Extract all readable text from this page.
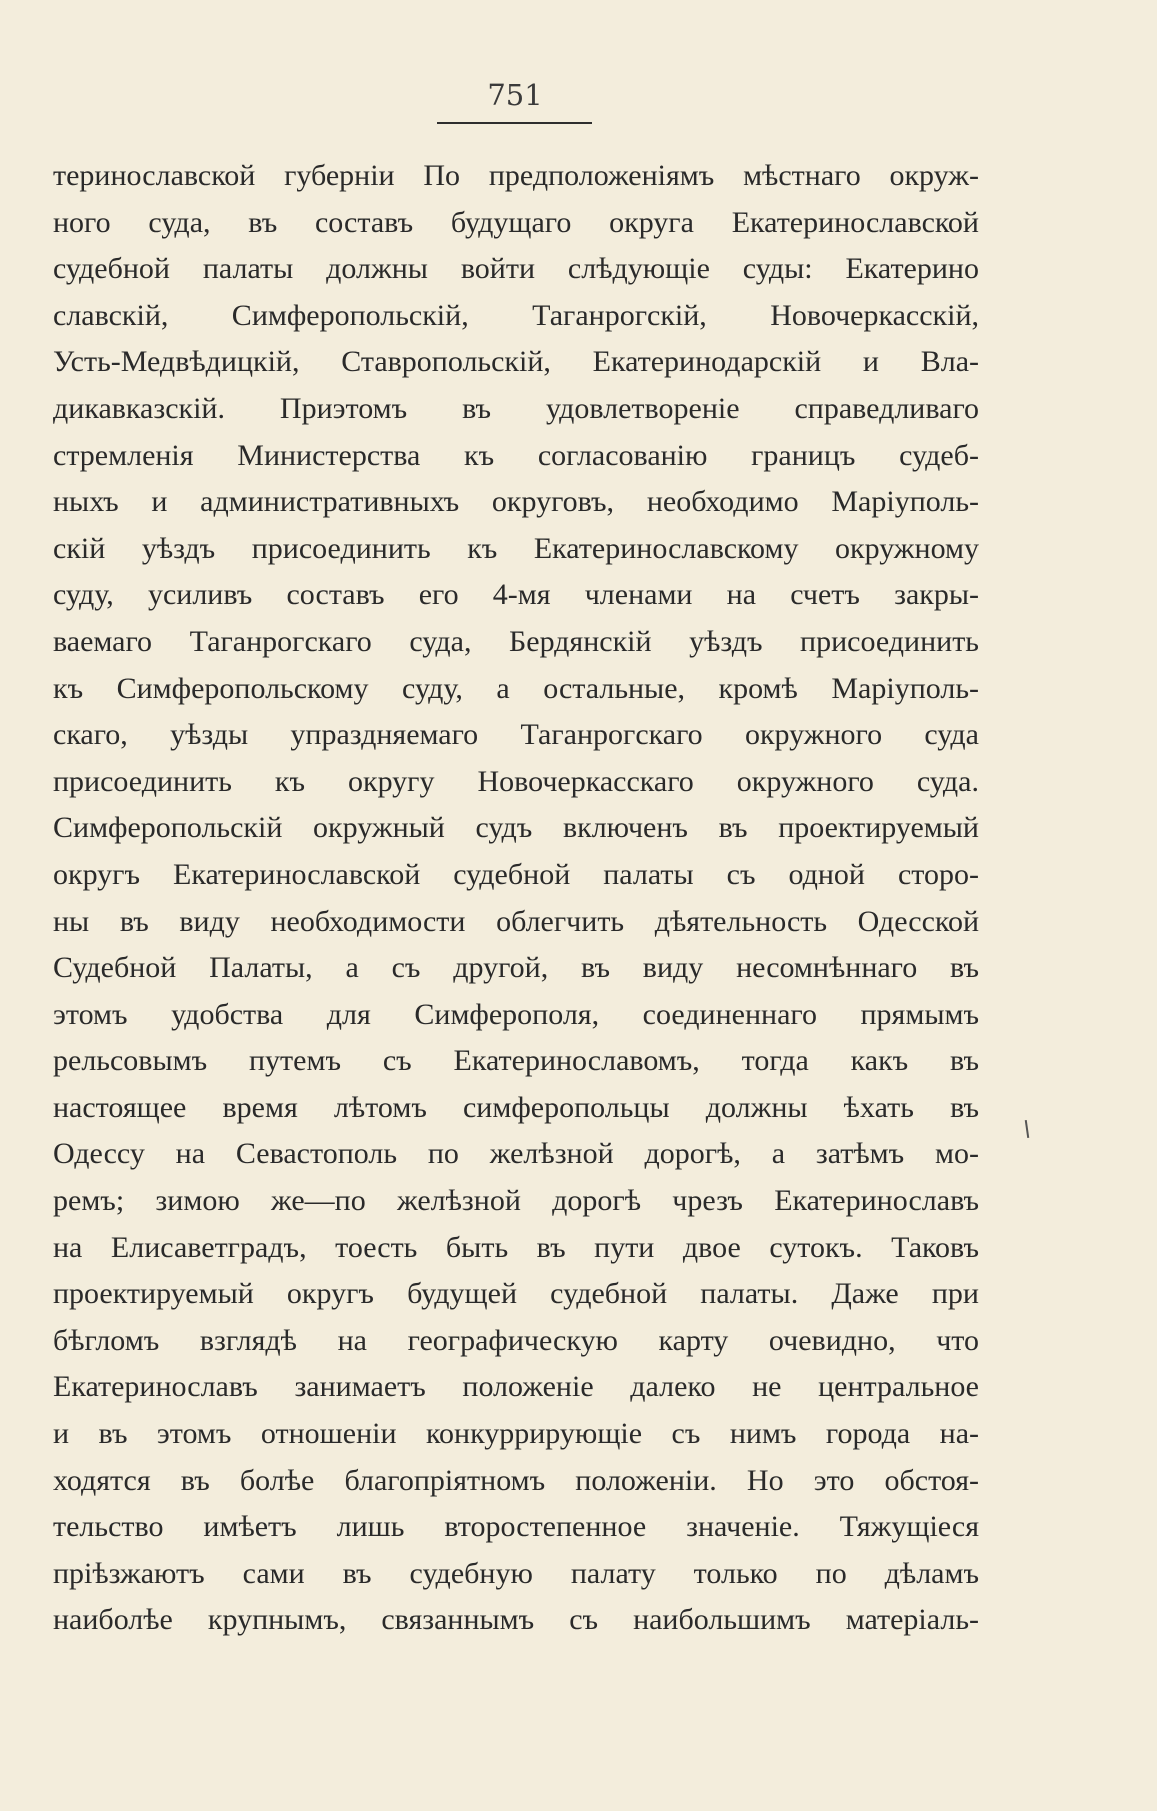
751
теринославской губерніи По предположеніямъ мѣстнаго окруж-
ного суда, въ составъ будущаго округа Екатеринославской
судебной палаты должны войти слѣдующіе суды: Екатерино
славскій, Симферопольскій, Таганрогскій, Новочеркасскій,
Усть-Медвѣдицкій, Ставропольскій, Екатеринодарскій и Вла-
дикавказскій. Приэтомъ въ удовлетвореніе справедливаго
стремленія Министерства къ согласованію границъ судеб-
ныхъ и административныхъ округовъ, необходимо Маріуполь-
скій уѣздъ присоединить къ Екатеринославскому окружному
суду, усиливъ составъ его 4-мя членами на счетъ закры-
ваемаго Таганрогскаго суда, Бердянскій уѣздъ присоединить
къ Симферопольскому суду, а остальные, кромѣ Маріуполь-
скаго, уѣзды упраздняемаго Таганрогскаго окружного суда
присоединить къ округу Новочеркасскаго окружного суда.
Симферопольскій окружный судъ включенъ въ проектируемый
округъ Екатеринославской судебной палаты съ одной сторо-
ны въ виду необходимости облегчить дѣятельность Одесской
Судебной Палаты, а съ другой, въ виду несомнѣннаго въ
этомъ удобства для Симферополя, соединеннаго прямымъ
рельсовымъ путемъ съ Екатеринославомъ, тогда какъ въ
настоящее время лѣтомъ симферопольцы должны ѣхать въ
Одессу на Севастополь по желѣзной дорогѣ, а затѣмъ мо-
ремъ; зимою же—по желѣзной дорогѣ чрезъ Екатеринославъ
на Елисаветградъ, тоесть быть въ пути двое сутокъ. Таковъ
проектируемый округъ будущей судебной палаты. Даже при
бѣгломъ взглядѣ на географическую карту очевидно, что
Екатеринославъ занимаетъ положеніе далеко не центральное
и въ этомъ отношеніи конкуррирующіе съ нимъ города на-
ходятся въ болѣе благопріятномъ положеніи. Но это обстоя-
тельство имѣетъ лишь второстепенное значеніе. Тяжущіеся
пріѣзжаютъ сами въ судебную палату только по дѣламъ
наиболѣе крупнымъ, связаннымъ съ наибольшимъ матеріаль-
